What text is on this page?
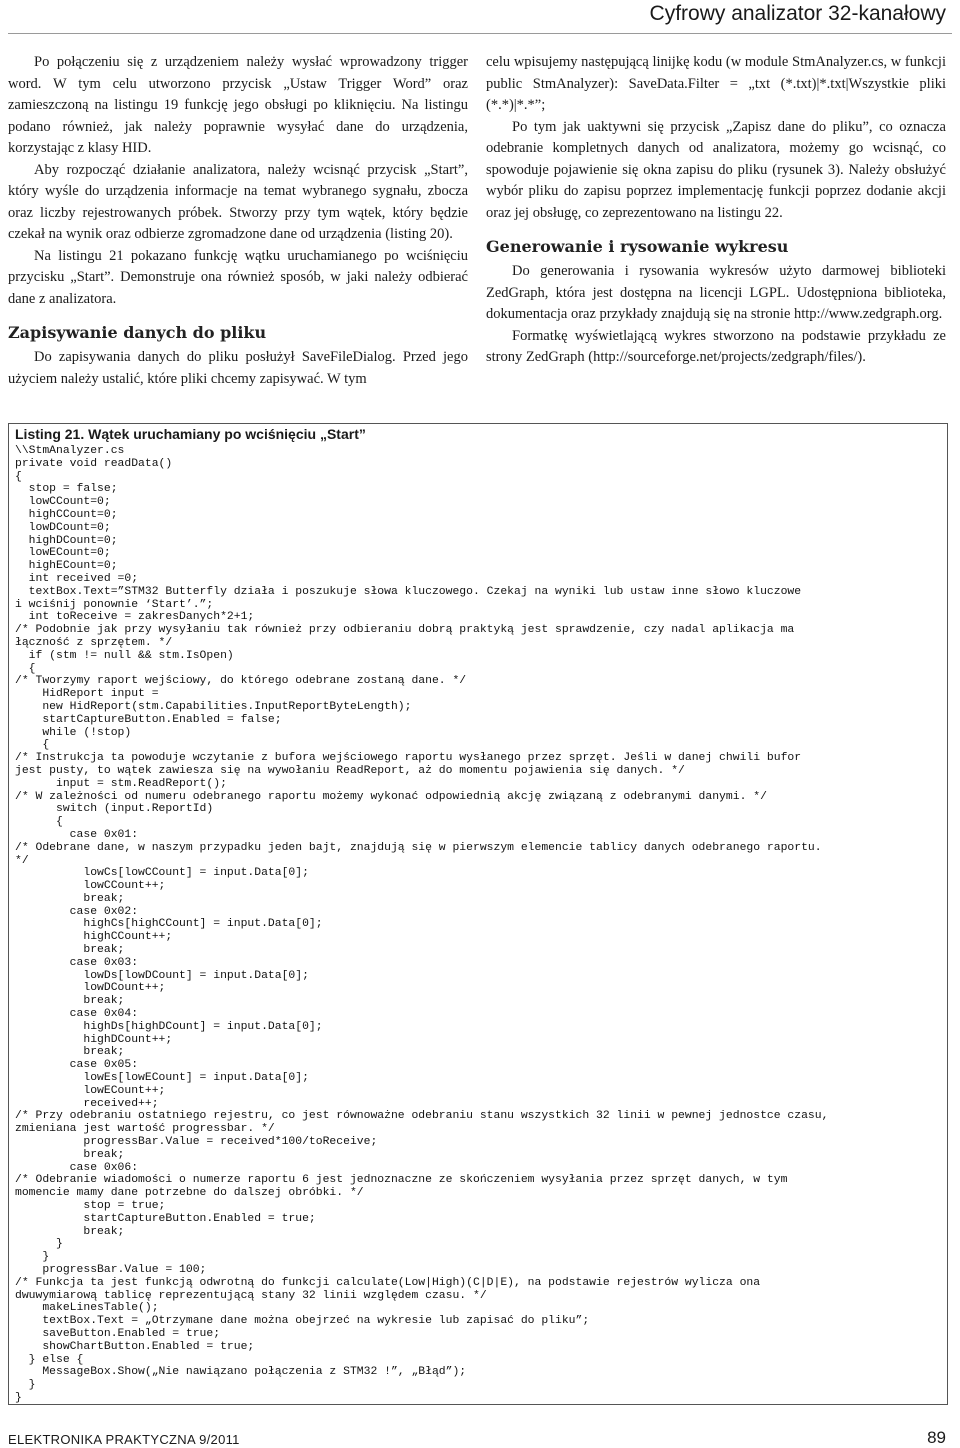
Cyfrowy analizator 32-kanałowy

Po połączeniu się z urządzeniem należy wysłać wprowadzony trigger word. W tym celu utworzono przycisk „Ustaw Trigger Word” oraz zamieszczoną na listingu 19 funkcję jego obsługi po kliknięciu. Na listingu podano również, jak należy poprawnie wysyłać dane do urządzenia, korzystając z klasy HID.

Aby rozpocząć działanie analizatora, należy wcisnąć przycisk „Start”, który wyśle do urządzenia informacje na temat wybranego sygnału, zbocza oraz liczby rejestrowanych próbek. Stworzy przy tym wątek, który będzie czekał na wynik oraz odbierze zgromadzone dane od urządzenia (listing 20).

Na listingu 21 pokazano funkcję wątku uruchamianego po wciśnięciu przycisku „Start”. Demonstruje ona również sposób, w jaki należy odbierać dane z analizatora.

Zapisywanie danych do pliku

Do zapisywania danych do pliku posłużył SaveFileDialog. Przed jego użyciem należy ustalić, które pliki chcemy zapisywać. W tym

celu wpisujemy następującą linijkę kodu (w module StmAnalyzer.cs, w funkcji public StmAnalyzer): SaveData.Filter = „txt (*.txt)|*.txt|Wszystkie pliki (*.*)|*.*”;

Po tym jak uaktywni się przycisk „Zapisz dane do pliku”, co oznacza odebranie kompletnych danych od analizatora, możemy go wcisnąć, co spowoduje pojawienie się okna zapisu do pliku (rysunek 3). Należy obsłużyć wybór pliku do zapisu poprzez implementację funkcji poprzez dodanie akcji oraz jej obsługę, co zeprezentowano na listingu 22.

Generowanie i rysowanie wykresu

Do generowania i rysowania wykresów użyto darmowej biblioteki ZedGraph, która jest dostępna na licencji LGPL. Udostępniona biblioteka, dokumentacja oraz przykłady znajdują się na stronie http://www.zedgraph.org.

Formatkę wyświetlającą wykres stworzono na podstawie przykładu ze strony ZedGraph (http://sourceforge.net/projects/zedgraph/files/).

Listing 21. Wątek uruchamiany po wciśnięciu „Start”
\\StmAnalyzer.cs
private void readData()
{
stop = false;
lowCCount=0;
highCCount=0;
lowDCount=0;
highDCount=0;
lowECount=0;
highECount=0;
int received =0;
textBox.Text=”STM32 Butterfly działa i poszukuje słowa kluczowego. Czekaj na wyniki lub ustaw inne słowo kluczowe
i wciśnij ponownie ‘Start’.”;
int toReceive = zakresDanych*2+1;
/* Podobnie jak przy wysyłaniu tak również przy odbieraniu dobrą praktyką jest sprawdzenie, czy nadal aplikacja ma
łączność z sprzętem. */
if (stm != null && stm.IsOpen)
{
/* Tworzymy raport wejściowy, do którego odebrane zostaną dane. */
HidReport input =
new HidReport(stm.Capabilities.InputReportByteLength);
startCaptureButton.Enabled = false;
while (!stop)
{
/* Instrukcja ta powoduje wczytanie z bufora wejściowego raportu wysłanego przez sprzęt. Jeśli w danej chwili bufor
jest pusty, to wątek zawiesza się na wywołaniu ReadReport, aż do momentu pojawienia się danych. */
input = stm.ReadReport();
/* W zależności od numeru odebranego raportu możemy wykonać odpowiednią akcję związaną z odebranymi danymi. */
switch (input.ReportId)
{
case 0x01:
/* Odebrane dane, w naszym przypadku jeden bajt, znajdują się w pierwszym elemencie tablicy danych odebranego raportu.
*/
lowCs[lowCCount] = input.Data[0];
lowCCount++;
break;
case 0x02:
highCs[highCCount] = input.Data[0];
highCCount++;
break;
case 0x03:
lowDs[lowDCount] = input.Data[0];
lowDCount++;
break;
case 0x04:
highDs[highDCount] = input.Data[0];
highDCount++;
break;
case 0x05:
lowEs[lowECount] = input.Data[0];
lowECount++;
received++;
/* Przy odebraniu ostatniego rejestru, co jest równoważne odebraniu stanu wszystkich 32 linii w pewnej jednostce czasu,
zmieniana jest wartość progressbar. */
progressBar.Value = received*100/toReceive;
break;
case 0x06:
/* Odebranie wiadomości o numerze raportu 6 jest jednoznaczne ze skończeniem wysyłania przez sprzęt danych, w tym
momencie mamy dane potrzebne do dalszej obróbki. */
stop = true;
startCaptureButton.Enabled = true;
break;
}
}
progressBar.Value = 100;
/* Funkcja ta jest funkcją odwrotną do funkcji calculate(Low|High)(C|D|E), na podstawie rejestrów wylicza ona
dwuwymiarową tablicę reprezentującą stany 32 linii względem czasu. */
makeLinesTable();
textBox.Text = „Otrzymane dane można obejrzeć na wykresie lub zapisać do pliku”;
saveButton.Enabled = true;
showChartButton.Enabled = true;
} else {
MessageBox.Show(„Nie nawiązano połączenia z STM32 !”, „Błąd”);
}
}
ELEKTRONIKA PRAKTYCZNA 9/2011	89
